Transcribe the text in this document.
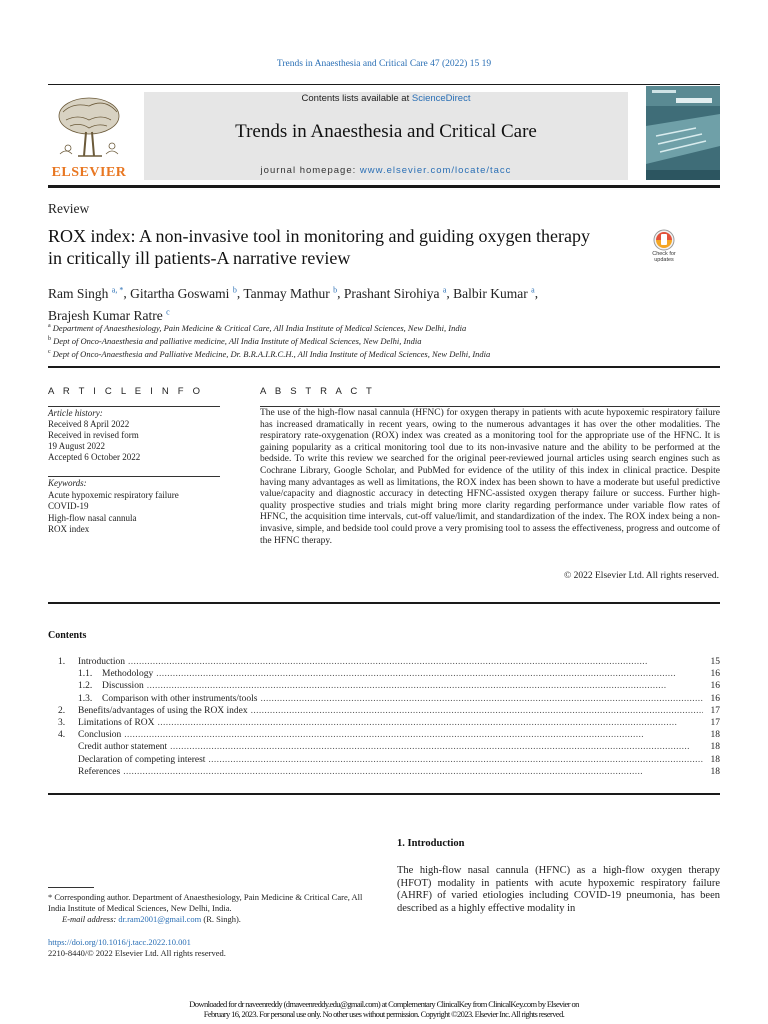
Trends in Anaesthesia and Critical Care 47 (2022) 15 19
ELSEVIER
Contents lists available at ScienceDirect
Trends in Anaesthesia and Critical Care
journal homepage: www.elsevier.com/locate/tacc
Review
ROX index: A non-invasive tool in monitoring and guiding oxygen therapy in critically ill patients-A narrative review	Check for updates
Ram Singh $^{a, *}$, Gitartha Goswami $^b$, Tanmay Mathur $^b$, Prashant Sirohiya $^a$, Balbir Kumar $^a$,
Brajesh Kumar Ratre $^c$
$^a$ Department of Anaesthesiology, Pain Medicine & Critical Care, All India Institute of Medical Sciences, New Delhi, India
$^b$ Dept of Onco-Anaesthesia and palliative medicine, All India Institute of Medical Sciences, New Delhi, India
$^c$ Dept of Onco-Anaesthesia and Palliative Medicine, Dr. B.R.A.I.R.C.H., All India Institute of Medical Sciences, New Delhi, India
A R T I C L E I N F O	A B S T R A C T
Article history:
Received 8 April 2022
Received in revised form
19 August 2022
Accepted 6 October 2022
Keywords:
Acute hypoxemic respiratory failure
COVID-19
High-flow nasal cannula
ROX index
The use of the high-flow nasal cannula (HFNC) for oxygen therapy in patients with acute hypoxemic respiratory failure has increased dramatically in recent years, owing to the numerous advantages it has over the other modalities. The respiratory rate-oxygenation (ROX) index was created as a monitoring tool for the appropriate use of the HFNC. It is gaining popularity as a critical monitoring tool due to its non-invasive nature and the ability to be performed at the bedside. To write this review we searched for the original peer-reviewed journal articles using search engines such as Cochrane Library, Google Scholar, and PubMed for evidence of the utility of this index in clinical practice. Despite having many advantages as well as limitations, the ROX index has been shown to have a moderate but useful predictive value/capacity and diagnostic accuracy in detecting HFNC-assisted oxygen therapy failure or success. Further high-quality prospective studies and trials might bring more clarity regarding performance under variable flow rates of HFNC, the acquisition time intervals, cut-off value/limit, and standardization of the index. The ROX index being a non-invasive, simple, and bedside tool could prove a very promising tool to assess the effectiveness, progress and outcome of the HFNC therapy.
© 2022 Elsevier Ltd. All rights reserved.
Contents
1.	Introduction . . .	15
1.1.	Methodology . . .	16
1.2.	Discussion . . .	16
1.3.	Comparison with other instruments/tools . . .	16
2.	Benefits/advantages of using the ROX index . . .	17
3.	Limitations of ROX . . .	17
4.	Conclusion . . .	18
Credit author statement . . .	18
Declaration of competing interest . . .	18
References . . .	18
1. Introduction
The high-flow nasal cannula (HFNC) as a high-flow oxygen therapy (HFOT) modality in patients with acute hypoxemic respiratory failure (AHRF) of varied etiologies including COVID-19 pneumonia, has been described as a highly effective modality in
* Corresponding author. Department of Anaesthesiology, Pain Medicine & Critical Care, All India Institute of Medical Sciences, New Delhi, India.
E-mail address: dr.ram2001@gmail.com (R. Singh).
https://doi.org/10.1016/j.tacc.2022.10.001
2210-8440/© 2022 Elsevier Ltd. All rights reserved.
Downloaded for dr naveenreddy (drnaveenreddy.edu@gmail.com) at Complementary ClinicalKey from ClinicalKey.com by Elsevier on
February 16, 2023. For personal use only. No other uses without permission. Copyright ©2023. Elsevier Inc. All rights reserved.
